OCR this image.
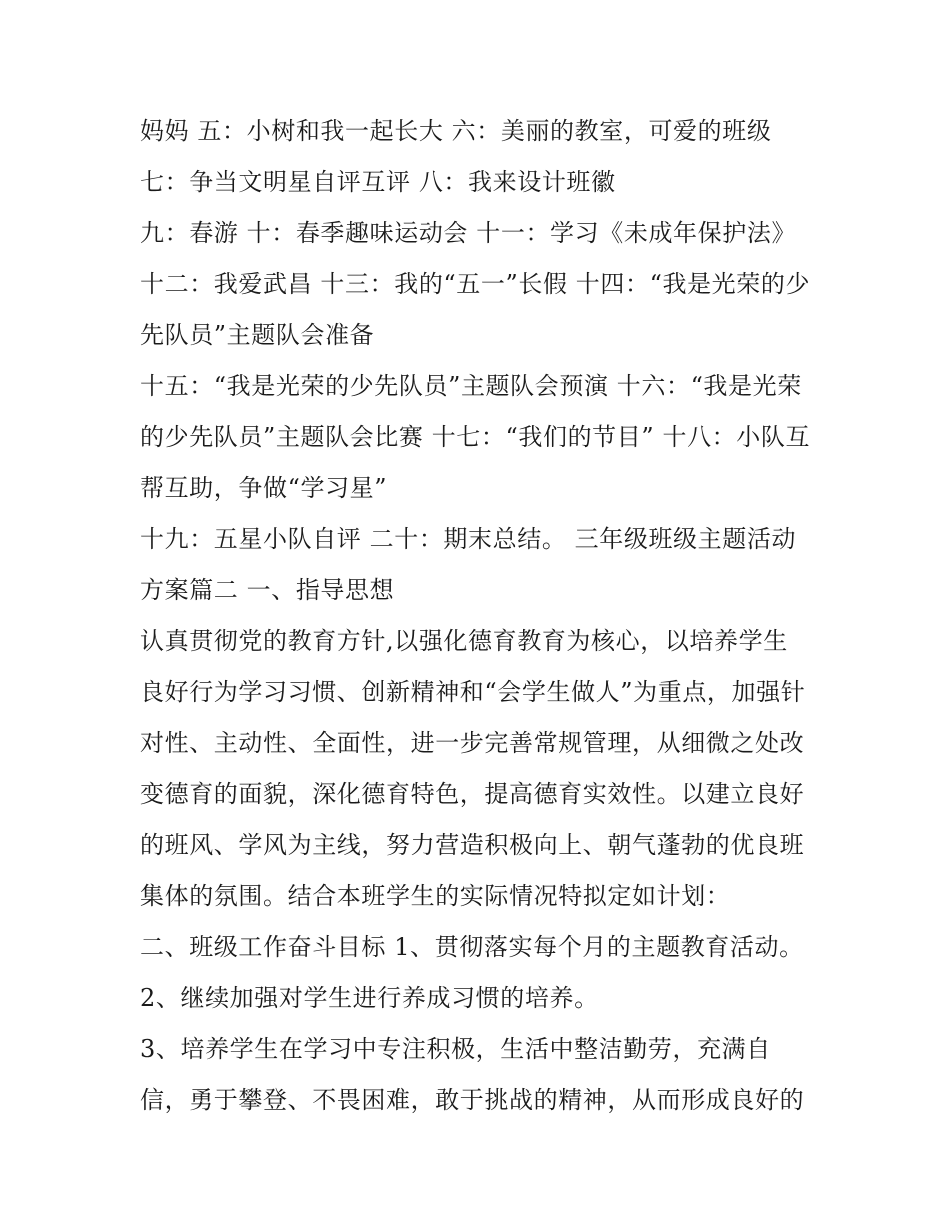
妈妈 五：小树和我一起长大 六：美丽的教室，可爱的班级
七：争当文明星自评互评 八：我来设计班徽
九：春游 十：春季趣味运动会 十一：学习《未成年保护法》
十二：我爱武昌 十三：我的“五一”长假 十四：“我是光荣的少
先队员”主题队会准备
十五：“我是光荣的少先队员”主题队会预演 十六：“我是光荣
的少先队员”主题队会比赛 十七：“我们的节目” 十八：小队互
帮互助，争做“学习星”
十九：五星小队自评 二十：期末总结。 三年级班级主题活动
方案篇二 一、指导思想
认真贯彻党的教育方针,以强化德育教育为核心，以培养学生
良好行为学习习惯、创新精神和“会学生做人”为重点，加强针
对性、主动性、全面性，进一步完善常规管理，从细微之处改
变德育的面貌，深化德育特色，提高德育实效性。以建立良好
的班风、学风为主线，努力营造积极向上、朝气蓬勃的优良班
集体的氛围。结合本班学生的实际情况特拟定如计划：
二、班级工作奋斗目标 1、贯彻落实每个月的主题教育活动。
2、继续加强对学生进行养成习惯的培养。
3、培养学生在学习中专注积极，生活中整洁勤劳，充满自
信，勇于攀登、不畏困难，敢于挑战的精神，从而形成良好的
